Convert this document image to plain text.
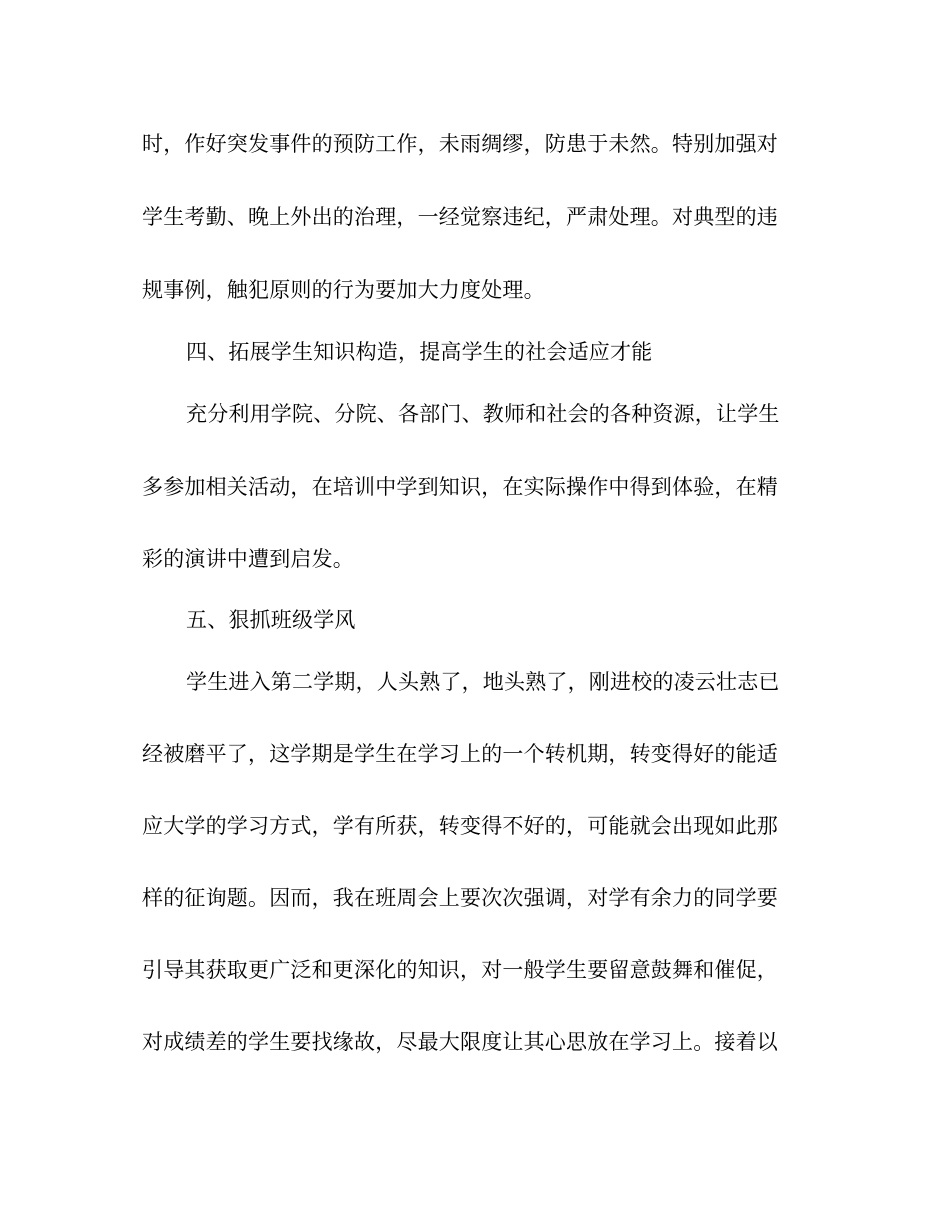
时，作好突发事件的预防工作，未雨绸缪，防患于未然。特别加强对
学生考勤、晚上外出的治理，一经觉察违纪，严肃处理。对典型的违
规事例，触犯原则的行为要加大力度处理。
四、拓展学生知识构造，提高学生的社会适应才能
充分利用学院、分院、各部门、教师和社会的各种资源，让学生
多参加相关活动，在培训中学到知识，在实际操作中得到体验，在精
彩的演讲中遭到启发。
五、狠抓班级学风
学生进入第二学期，人头熟了，地头熟了，刚进校的凌云壮志已
经被磨平了，这学期是学生在学习上的一个转机期，转变得好的能适
应大学的学习方式，学有所获，转变得不好的，可能就会出现如此那
样的征询题。因而，我在班周会上要次次强调，对学有余力的同学要
引导其获取更广泛和更深化的知识，对一般学生要留意鼓舞和催促，
对成绩差的学生要找缘故，尽最大限度让其心思放在学习上。接着以
